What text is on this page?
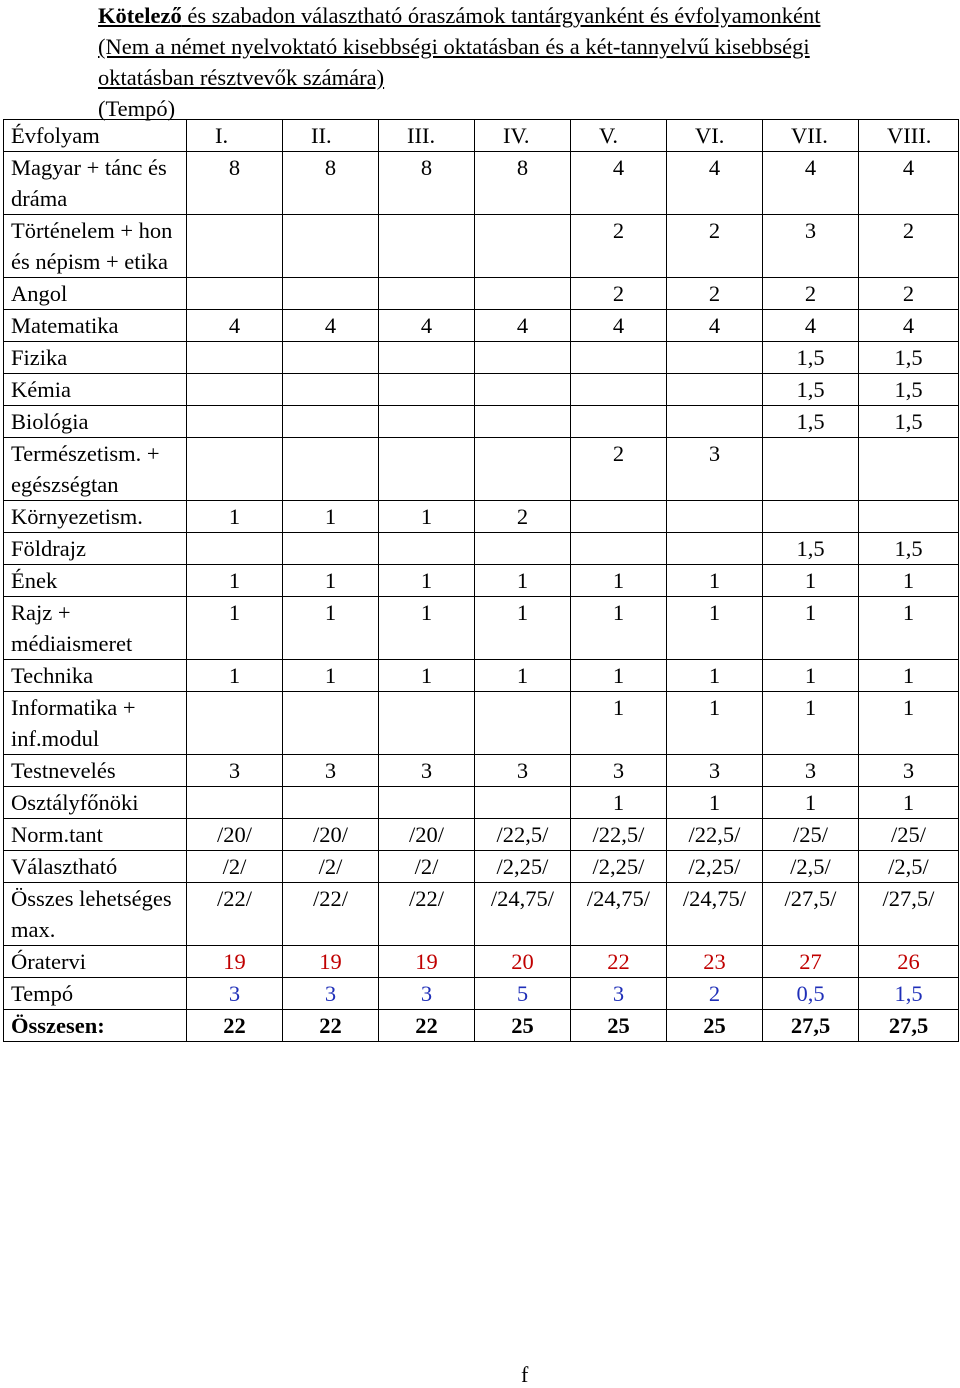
Kötelező és szabadon választható óraszámok tantárgyanként és évfolyamonként
(Nem a német nyelvoktató kisebbségi oktatásban és a két-tannyelvű kisebbségi
oktatásban résztvevők számára)
(Tempó)
Évfolyam	I.	II.	III.	IV.	V.	VI.	VII.	VIII.
Magyar + tánc és dráma	8	8	8	8	4	4	4	4
Történelem + hon és népism + etika					2	2	3	2
Angol					2	2	2	2
Matematika	4	4	4	4	4	4	4	4
Fizika							1,5	1,5
Kémia							1,5	1,5
Biológia							1,5	1,5
Természetism. + egészségtan					2	3		
Környezetism.	1	1	1	2				
Földrajz							1,5	1,5
Ének	1	1	1	1	1	1	1	1
Rajz + médiaismeret	1	1	1	1	1	1	1	1
Technika	1	1	1	1	1	1	1	1
Informatika + inf.modul					1	1	1	1
Testnevelés	3	3	3	3	3	3	3	3
Osztályfőnöki					1	1	1	1
Norm.tant	/20/	/20/	/20/	/22,5/	/22,5/	/22,5/	/25/	/25/
Választható	/2/	/2/	/2/	/2,25/	/2,25/	/2,25/	/2,5/	/2,5/
Összes lehetséges max.	/22/	/22/	/22/	/24,75/	/24,75/	/24,75/	/27,5/	/27,5/
Óratervi	19	19	19	20	22	23	27	26
Tempó	3	3	3	5	3	2	0,5	1,5
Összesen:	22	22	22	25	25	25	27,5	27,5
f
